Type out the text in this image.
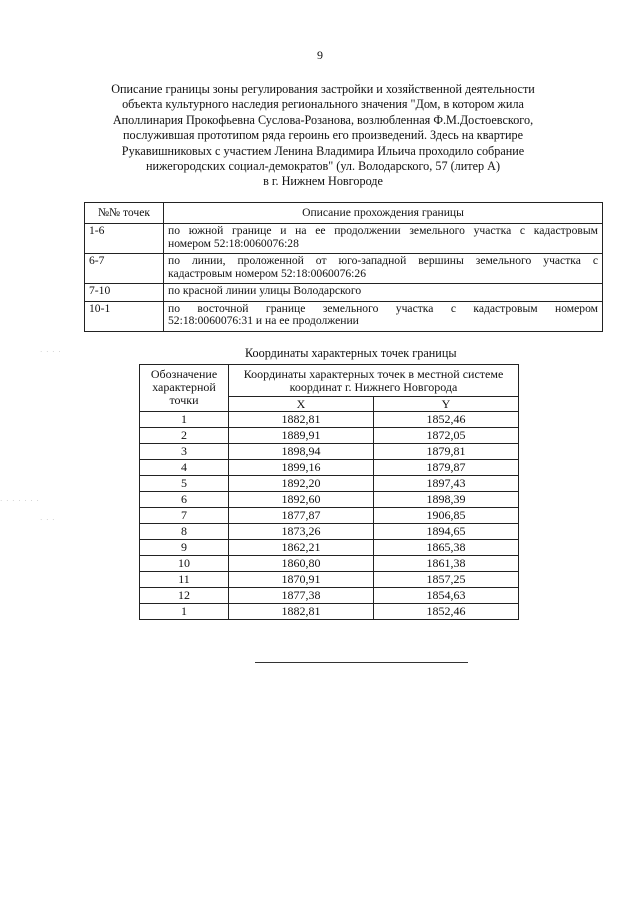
9
Описание границы зоны регулирования застройки и хозяйственной деятельности
объекта культурного наследия регионального значения "Дом, в котором жила
Аполлинария Прокофьевна Суслова-Розанова, возлюбленная Ф.М.Достоевского,
послужившая прототипом ряда героинь его произведений. Здесь на квартире
Рукавишниковых с участием Ленина Владимира Ильича проходило собрание
нижегородских социал-демократов" (ул. Володарского, 57 (литер А)
в г. Нижнем Новгороде
№№ точек	Описание прохождения границы
1-6	по южной границе и на ее продолжении земельного участка с кадастровым
номером 52:18:0060076:28

6-7	по линии, проложенной от юго-западной вершины земельного участка с
кадастровым номером 52:18:0060076:26

7-10	по красной линии улицы Володарского
10-1	по восточной границе земельного участка с кадастровым номером
52:18:0060076:31 и на ее продолжении
Координаты характерных точек границы
Обозначение характерной точки	Координаты характерных точек в местной системе координат г. Нижнего Новгорода	
	X	Y
1	1882,81	1852,46
2	1889,91	1872,05
3	1898,94	1879,81
4	1899,16	1879,87
5	1892,20	1897,43
6	1892,60	1898,39
7	1877,87	1906,85
8	1873,26	1894,65
9	1862,21	1865,38
10	1860,80	1861,38
11	1870,91	1857,25
12	1877,38	1854,63
1	1882,81	1852,46
· · · ·
· · · · · · ·
· · ·
